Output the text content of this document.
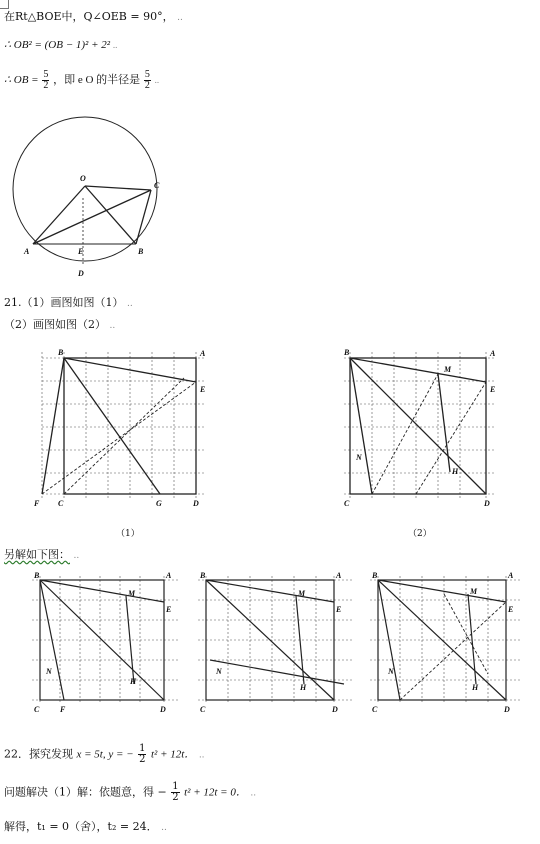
在Rt△BOE中，Q∠OEB = 90°， ..
∴ OB² = (OB − 1)² + 2² ..
∴ OB = $\frac{5}{2}$ ，即 e O 的半径是 $\frac{5}{2}$ ..
O
C
A	E	B
D
21.（1）画图如图（1） ..
（2）画图如图（2） ..
B	A
E
F C	G	D
（1）
B	A
M
E
N
H
C	D
（2）
另解如下图： ..
B	A
M
E
N
H
C	F	D
B	A
M
E
N
H
C	D
B	A
M
E
N
H
C	D
22．探究发现 x = 5t, y = − $\frac{1}{2} t^2 + 12t$． ..
问题解决（1）解：依题意，得 − $\frac{1}{2} t^2 + 12t = 0$． ..
解得，t₁ = 0（舍），t₂ = 24． ..
